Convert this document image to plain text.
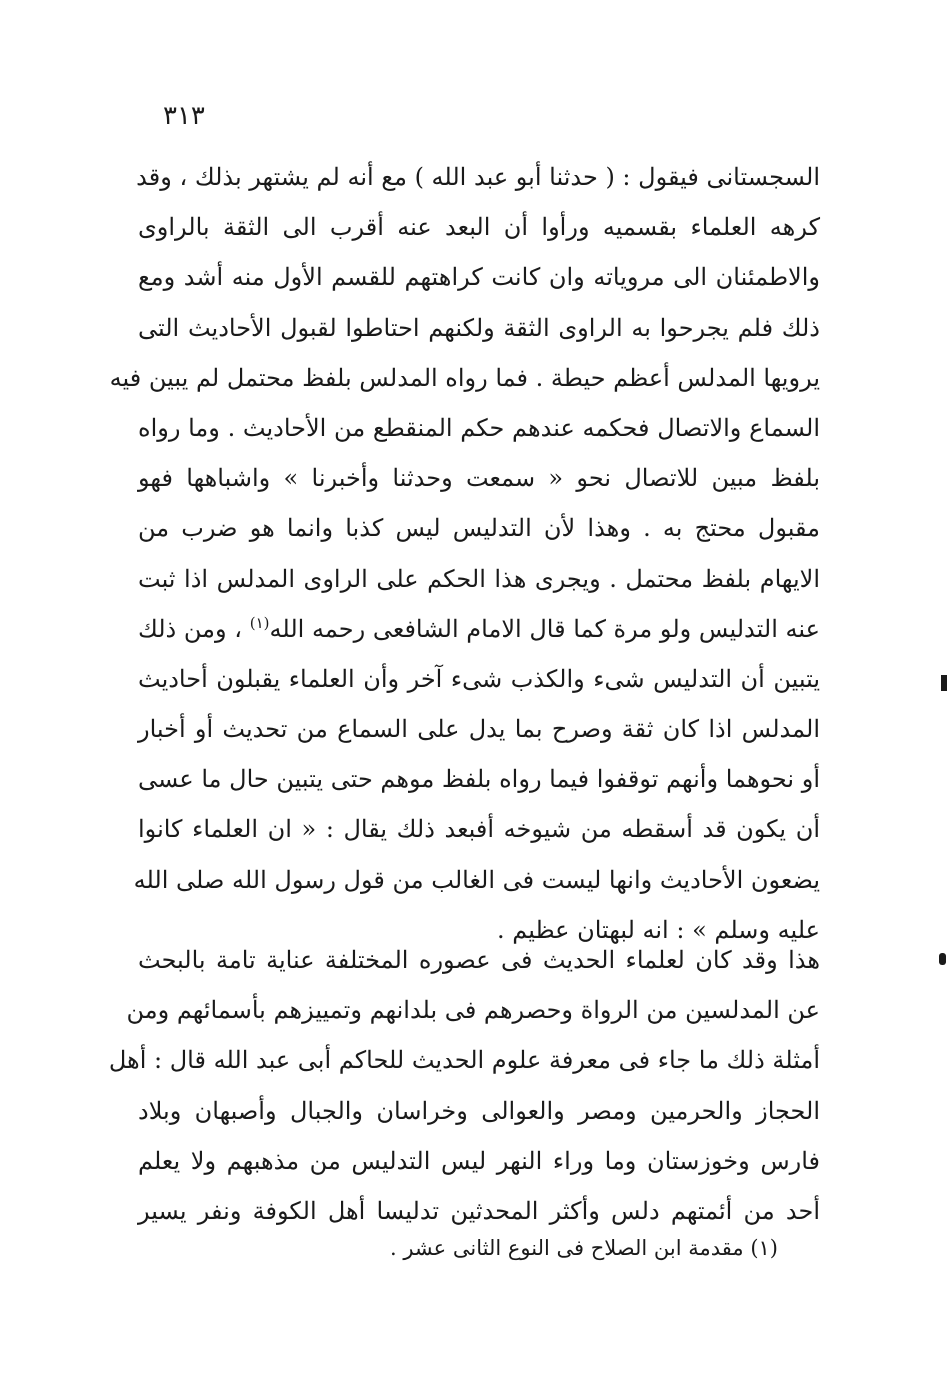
٣١٣
السجستانى فيقول : ( حدثنا أبو عبد الله ) مع أنه لم يشتهر بذلك ، وقد
كرهه العلماء بقسميه ورأوا أن البعد عنه أقرب الى الثقة بالراوى
والاطمئنان الى مروياته وان كانت كراهتهم للقسم الأول منه أشد ومع
ذلك فلم يجرحوا به الراوى الثقة ولكنهم احتاطوا لقبول الأحاديث التى
يرويها المدلس أعظم حيطة . فما رواه المدلس بلفظ محتمل لم يبين فيه
السماع والاتصال فحكمه عندهم حكم المنقطع من الأحاديث . وما رواه
بلفظ مبين للاتصال نحو « سمعت وحدثنا وأخبرنا » واشباهها فهو
مقبول محتج به . وهذا لأن التدليس ليس كذبا وانما هو ضرب من
الايهام بلفظ محتمل . ويجرى هذا الحكم على الراوى المدلس اذا ثبت
عنه التدليس ولو مرة كما قال الامام الشافعى رحمه الله$^{(١)}$ ، ومن ذلك
يتبين أن التدليس شىء والكذب شىء آخر وأن العلماء يقبلون أحاديث
المدلس اذا كان ثقة وصرح بما يدل على السماع من تحديث أو أخبار
أو نحوهما وأنهم توقفوا فيما رواه بلفظ موهم حتى يتبين حال ما عسى
أن يكون قد أسقطه من شيوخه أفبعد ذلك يقال : « ان العلماء كانوا
يضعون الأحاديث وانها ليست فى الغالب من قول رسول الله صلى الله
عليه وسلم » : انه لبهتان عظيم .
هذا وقد كان لعلماء الحديث فى عصوره المختلفة عناية تامة بالبحث
عن المدلسين من الرواة وحصرهم فى بلدانهم وتمييزهم بأسمائهم ومن
أمثلة ذلك ما جاء فى معرفة علوم الحديث للحاكم أبى عبد الله قال : أهل
الحجاز والحرمين ومصر والعوالى وخراسان والجبال وأصبهان وبلاد
فارس وخوزستان وما وراء النهر ليس التدليس من مذهبهم ولا يعلم
أحد من أئمتهم دلس وأكثر المحدثين تدليسا أهل الكوفة ونفر يسير
(١) مقدمة ابن الصلاح فى النوع الثانى عشر .
